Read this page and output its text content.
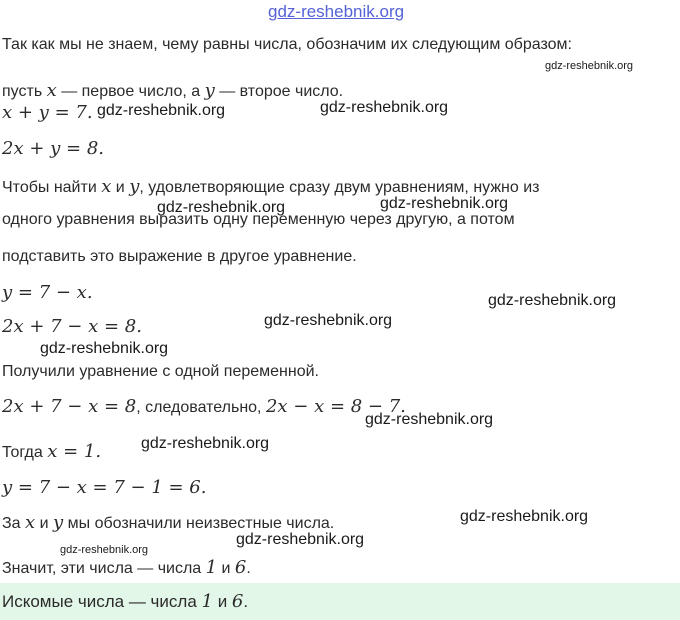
gdz-reshebnik.org
Так как мы не знаем, чему равны числа, обозначим их следующим образом:
gdz-reshebnik.org
пусть x — первое число, а y — второе число.
x + y = 7. gdz-reshebnik.org	gdz-reshebnik.org
2x + y = 8.
Чтобы найти x и y, удовлетворяющие сразу двум уравнениям, нужно из
gdz-reshebnik.org	gdz-reshebnik.org
одного уравнения выразить одну переменную через другую, а потом
подставить это выражение в другое уравнение.
y = 7 − x.	gdz-reshebnik.org
2x + 7 − x = 8.	gdz-reshebnik.org
gdz-reshebnik.org
Получили уравнение с одной переменной.
2x + 7 − x = 8, следовательно, 2x − x = 8 − 7.
gdz-reshebnik.org
Тогда x = 1. gdz-reshebnik.org
y = 7 − x = 7 − 1 = 6.
За x и y мы обозначили неизвестные числа.	gdz-reshebnik.org
gdz-reshebnik.org
gdz-reshebnik.org
Значит, эти числа — числа 1 и 6.
Искомые числа — числа 1 и 6.
